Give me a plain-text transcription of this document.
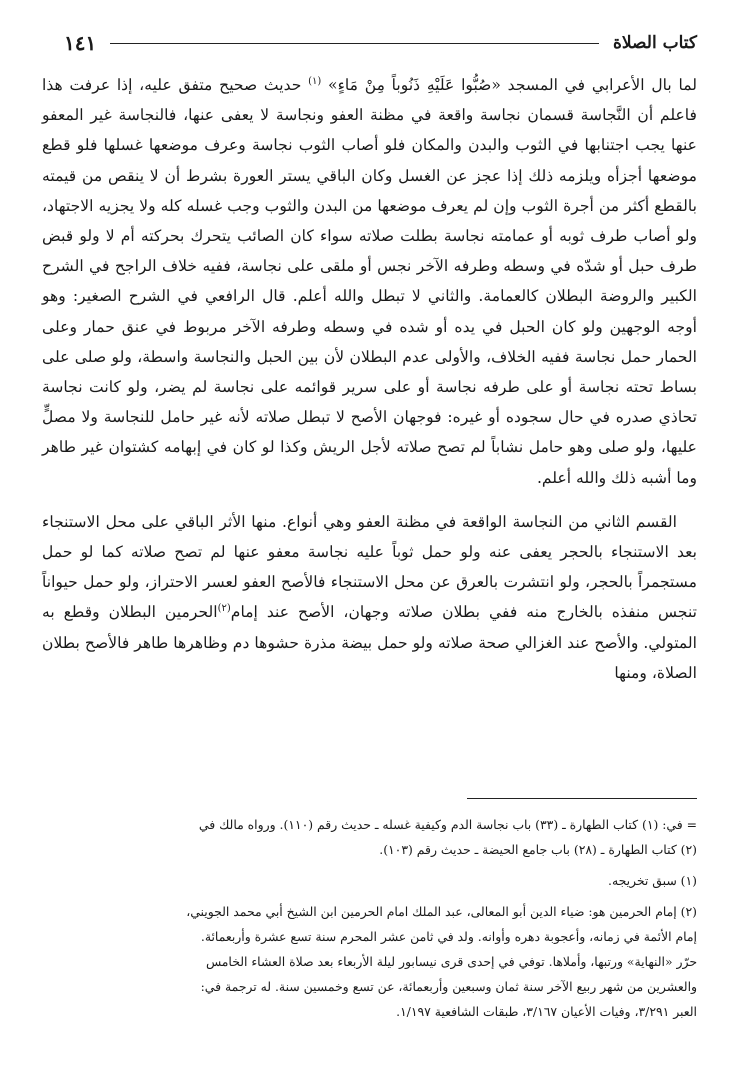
كتاب الصلاة
١٤١

لما بال الأعرابي في المسجد «صُبُّوا عَلَيْهِ ذَنُوباً مِنْ مَاءٍ» $^{(١)}$ حديث صحيح متفق عليه، إذا عرفت هذا فاعلم أن النَّجاسة قسمان نجاسة واقعة في مظنة العفو ونجاسة لا يعفى عنها، فالنجاسة غير المعفو عنها يجب اجتنابها في الثوب والبدن والمكان فلو أصاب الثوب نجاسة وعرف موضعها غسلها فلو قطع موضعها أجزأه ويلزمه ذلك إذا عجز عن الغسل وكان الباقي يستر العورة بشرط أن لا ينقص من قيمته بالقطع أكثر من أجرة الثوب وإن لم يعرف موضعها من البدن والثوب وجب غسله كله ولا يجزيه الاجتهاد، ولو أصاب طرف ثوبه أو عمامته نجاسة بطلت صلاته سواء كان الصائب يتحرك بحركته أم لا ولو قبض طرف حبل أو شدّه في وسطه وطرفه الآخر نجس أو ملقى على نجاسة، ففيه خلاف الراجح في الشرح الكبير والروضة البطلان كالعمامة. والثاني لا تبطل والله أعلم. قال الرافعي في الشرح الصغير: وهو أوجه الوجهين ولو كان الحبل في يده أو شده في وسطه وطرفه الآخر مربوط في عنق حمار وعلى الحمار حمل نجاسة ففيه الخلاف، والأولى عدم البطلان لأن بين الحبل والنجاسة واسطة، ولو صلى على بساط تحته نجاسة أو على طرفه نجاسة أو على سرير قوائمه على نجاسة لم يضر، ولو كانت نجاسة تحاذي صدره في حال سجوده أو غيره: فوجهان الأصح لا تبطل صلاته لأنه غير حامل للنجاسة ولا مصلٍّ عليها، ولو صلى وهو حامل نشاباً لم تصح صلاته لأجل الريش وكذا لو كان في إبهامه كشتوان غير طاهر وما أشبه ذلك والله أعلم.

القسم الثاني من النجاسة الواقعة في مظنة العفو وهي أنواع. منها الأثر الباقي على محل الاستنجاء بعد الاستنجاء بالحجر يعفى عنه ولو حمل ثوباً عليه نجاسة معفو عنها لم تصح صلاته كما لو حمل مستجمراً بالحجر، ولو انتشرت بالعرق عن محل الاستنجاء فالأصح العفو لعسر الاحتراز، ولو حمل حيواناً تنجس منفذه بالخارج منه ففي بطلان صلاته وجهان، الأصح عند إمام$^{(٢)}$الحرمين البطلان وقطع به المتولي. والأصح عند الغزالي صحة صلاته ولو حمل بيضة مذرة حشوها دم وظاهرها طاهر فالأصح بطلان الصلاة، ومنها

= في: (١) كتاب الطهارة ـ (٣٣) باب نجاسة الدم وكيفية غسله ـ حديث رقم (١١٠). ورواه مالك في

(٢) كتاب الطهارة ـ (٢٨) باب جامع الحيضة ـ حديث رقم (١٠٣).

(١) سبق تخريجه.

(٢) إمام الحرمين هو: ضياء الدين أبو المعالى، عبد الملك امام الحرمين ابن الشيخ أبي محمد الجويني،

إمام الأئمة في زمانه، وأعجوبة دهره وأوانه. ولد في ثامن عشر المحرم سنة تسع عشرة وأربعمائة.

حرّر «النهاية» ورتبها، وأملاها. توفي في إحدى قرى نيسابور ليلة الأربعاء بعد صلاة العشاء الخامس

والعشرين من شهر ربيع الآخر سنة ثمان وسبعين وأربعمائة، عن تسع وخمسين سنة. له ترجمة في:

العبر ٣/٢٩١، وفيات الأعيان ٣/١٦٧، طبقات الشافعية ١/١٩٧.
